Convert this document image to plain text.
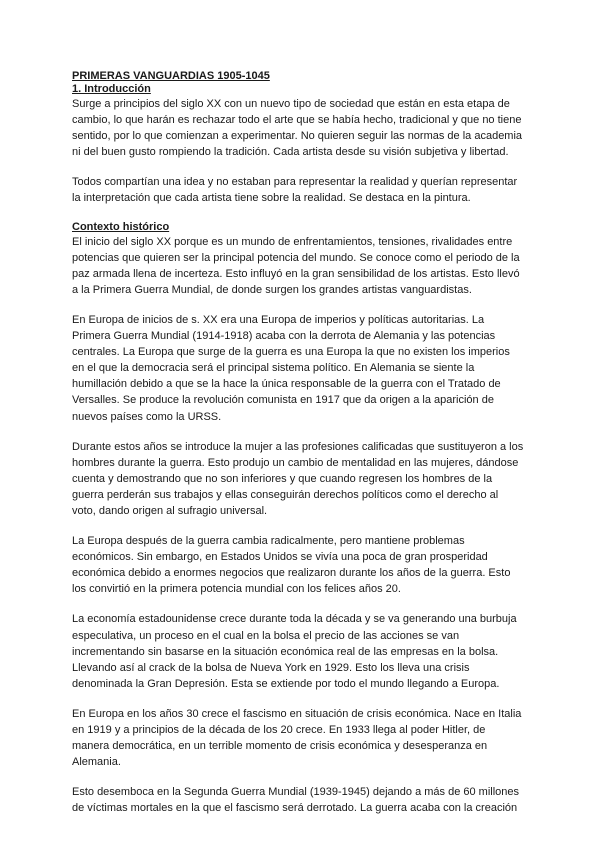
PRIMERAS VANGUARDIAS 1905-1045
1. Introducción

Surge a principios del siglo XX con un nuevo tipo de sociedad que están en esta etapa de
cambio, lo que harán es rechazar todo el arte que se había hecho, tradicional y que no tiene
sentido, por lo que comienzan a experimentar. No quieren seguir las normas de la academia
ni del buen gusto rompiendo la tradición. Cada artista desde su visión subjetiva y libertad.

Todos compartían una idea y no estaban para representar la realidad y querían representar
la interpretación que cada artista tiene sobre la realidad. Se destaca en la pintura.

Contexto histórico

El inicio del siglo XX porque es un mundo de enfrentamientos, tensiones, rivalidades entre
potencias que quieren ser la principal potencia del mundo. Se conoce como el periodo de la
paz armada llena de incerteza. Esto influyó en la gran sensibilidad de los artistas. Esto llevó
a la Primera Guerra Mundial, de donde surgen los grandes artistas vanguardistas.

En Europa de inicios de s. XX era una Europa de imperios y políticas autoritarias. La
Primera Guerra Mundial (1914-1918) acaba con la derrota de Alemania y las potencias
centrales. La Europa que surge de la guerra es una Europa la que no existen los imperios
en el que la democracia será el principal sistema político. En Alemania se siente la
humillación debido a que se la hace la única responsable de la guerra con el Tratado de
Versalles. Se produce la revolución comunista en 1917 que da origen a la aparición de
nuevos países como la URSS.

Durante estos años se introduce la mujer a las profesiones calificadas que sustituyeron a los
hombres durante la guerra. Esto produjo un cambio de mentalidad en las mujeres, dándose
cuenta y demostrando que no son inferiores y que cuando regresen los hombres de la
guerra perderán sus trabajos y ellas conseguirán derechos políticos como el derecho al
voto, dando origen al sufragio universal.

La Europa después de la guerra cambia radicalmente, pero mantiene problemas
económicos. Sin embargo, en Estados Unidos se vivía una poca de gran prosperidad
económica debido a enormes negocios que realizaron durante los años de la guerra. Esto
los convirtió en la primera potencia mundial con los felices años 20.

La economía estadounidense crece durante toda la década y se va generando una burbuja
especulativa, un proceso en el cual en la bolsa el precio de las acciones se van
incrementando sin basarse en la situación económica real de las empresas en la bolsa.
Llevando así al crack de la bolsa de Nueva York en 1929. Esto los lleva una crisis
denominada la Gran Depresión. Esta se extiende por todo el mundo llegando a Europa.

En Europa en los años 30 crece el fascismo en situación de crisis económica. Nace en Italia
en 1919 y a principios de la década de los 20 crece. En 1933 llega al poder Hitler, de
manera democrática, en un terrible momento de crisis económica y desesperanza en
Alemania.

Esto desemboca en la Segunda Guerra Mundial (1939-1945) dejando a más de 60 millones
de víctimas mortales en la que el fascismo será derrotado. La guerra acaba con la creación
